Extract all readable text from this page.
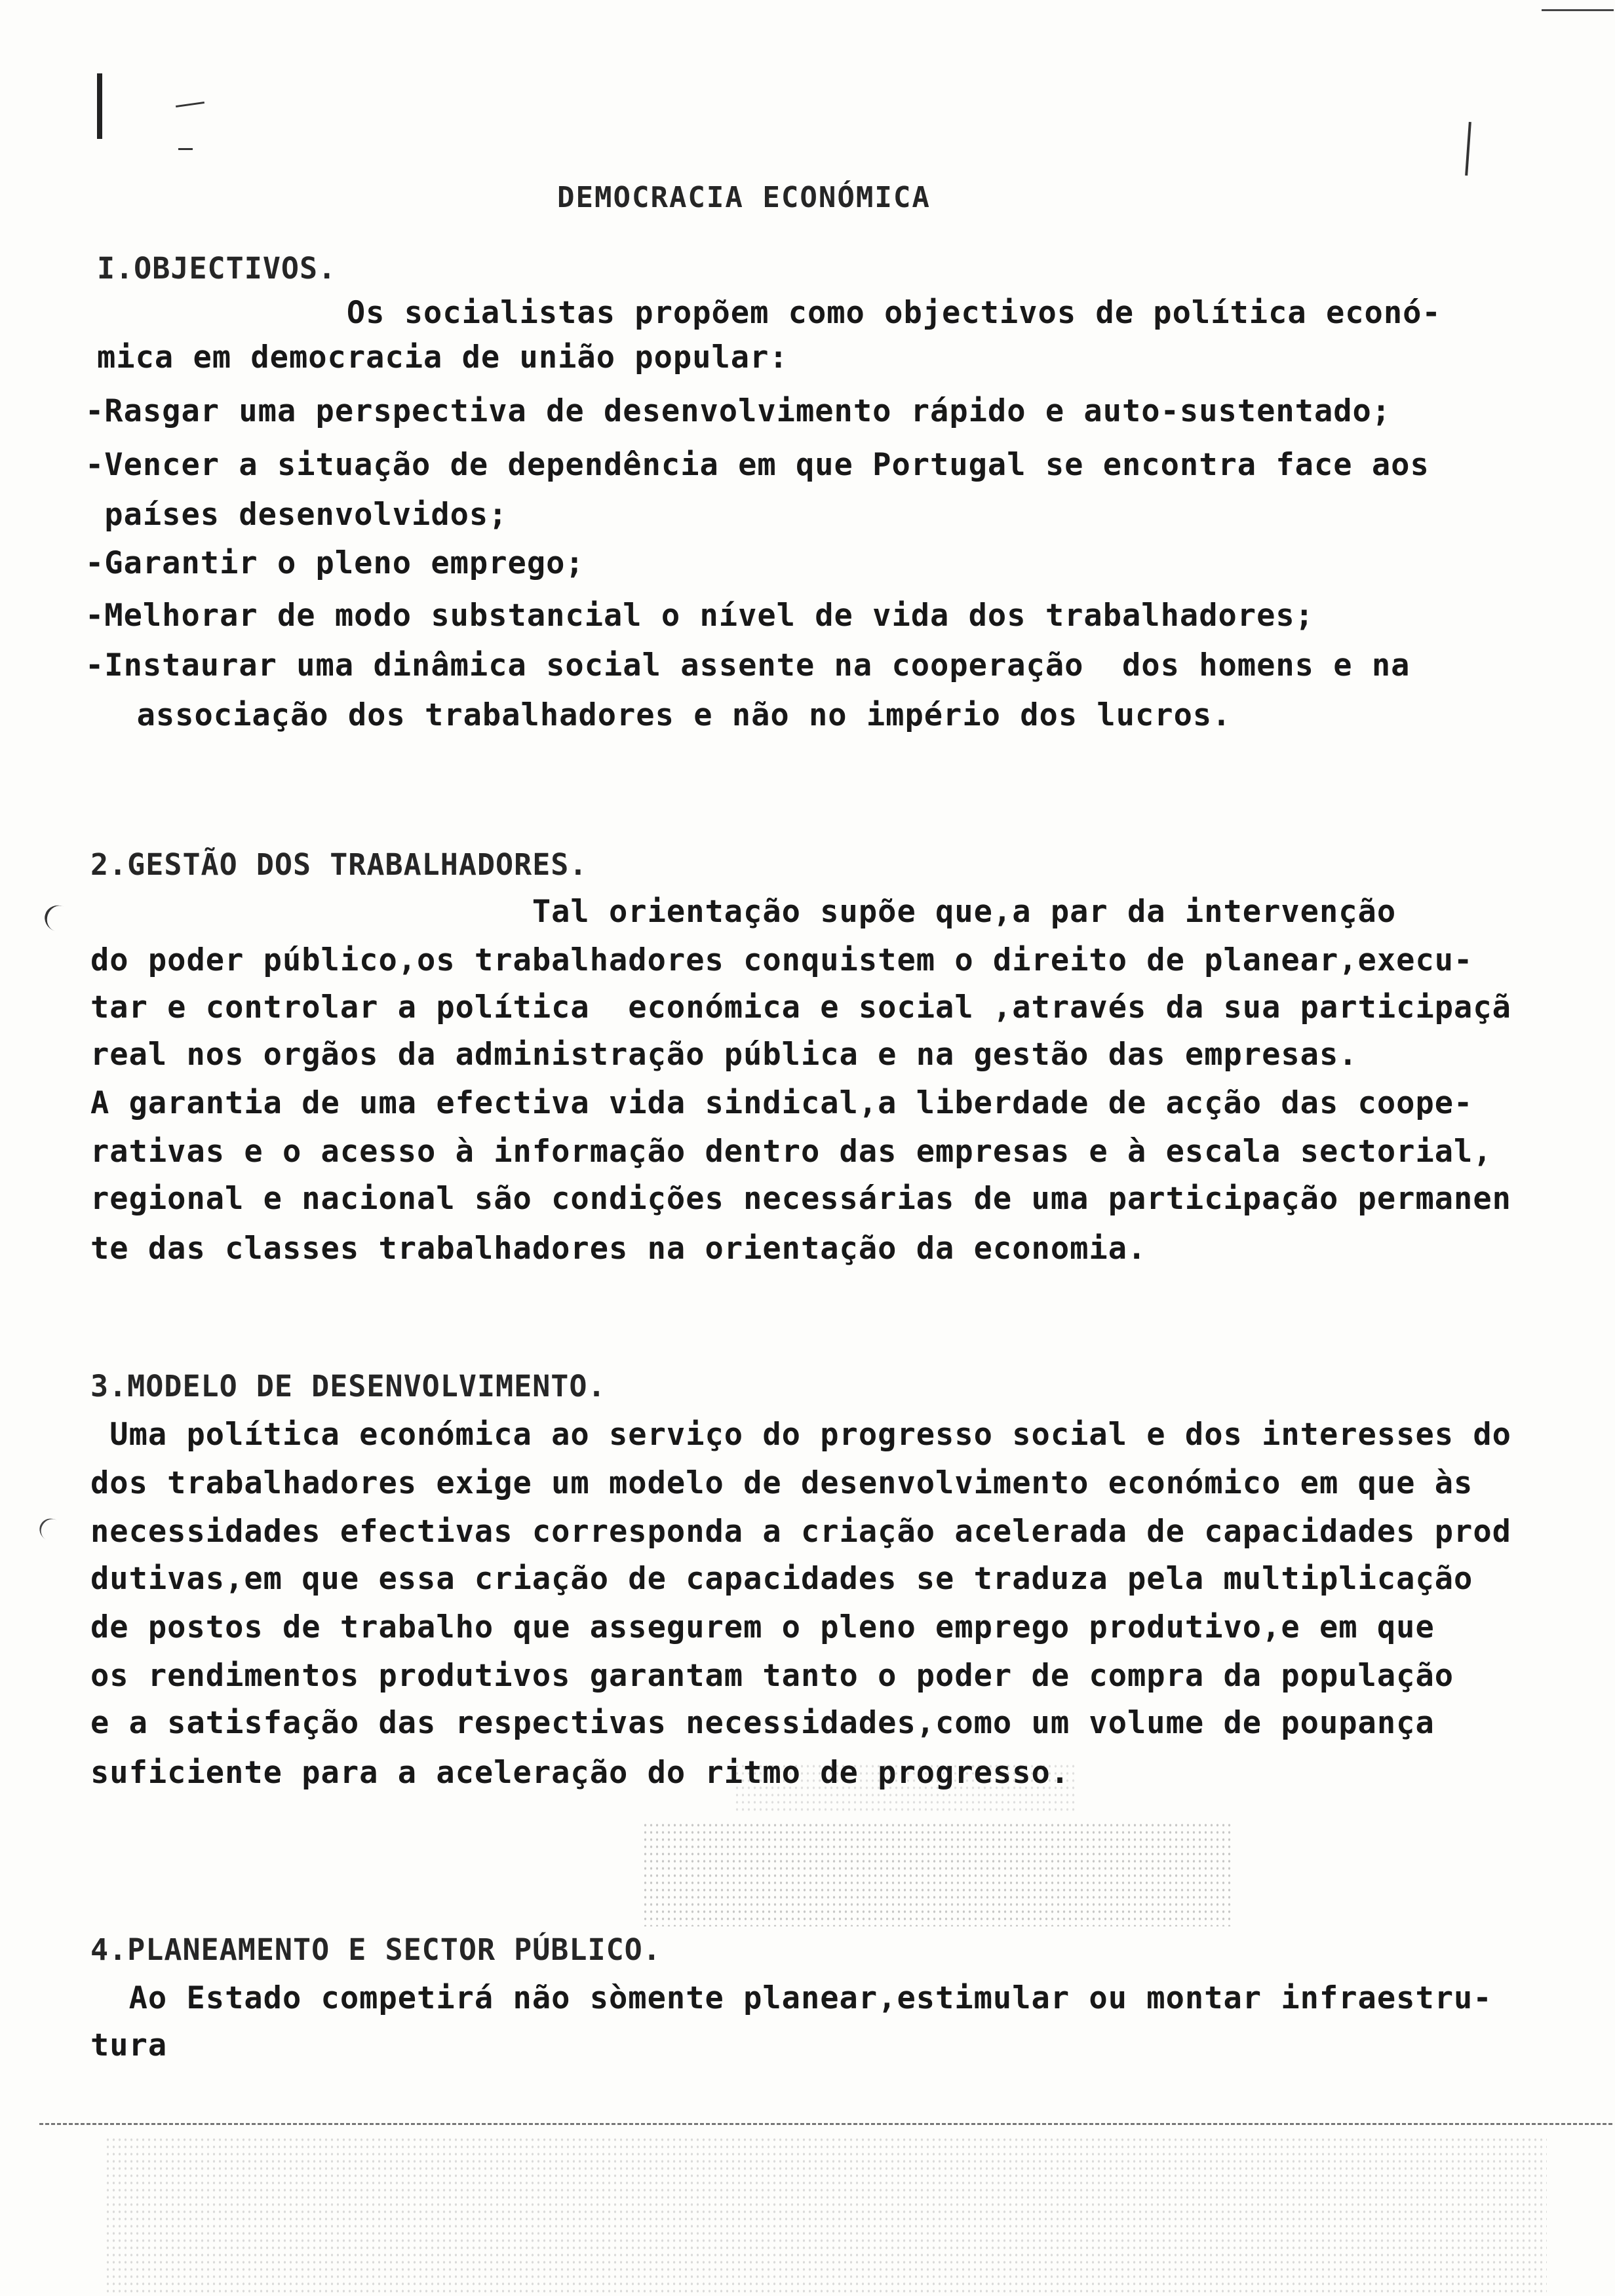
DEMOCRACIA ECONÓMICA
I.OBJECTIVOS.
Os socialistas propõem como objectivos de política econó-
mica em democracia de união popular:
-Rasgar uma perspectiva de desenvolvimento rápido e auto-sustentado;
-Vencer a situação de dependência em que Portugal se encontra face aos
países desenvolvidos;
-Garantir o pleno emprego;
-Melhorar de modo substancial o nível de vida dos trabalhadores;
-Instaurar uma dinâmica social assente na cooperação  dos homens e na
associação dos trabalhadores e não no império dos lucros.
2.GESTÃO DOS TRABALHADORES.
Tal orientação supõe que,a par da intervenção
do poder público,os trabalhadores conquistem o direito de planear,execu-
tar e controlar a política  económica e social ,através da sua participaçã
real nos orgãos da administração pública e na gestão das empresas.
A garantia de uma efectiva vida sindical,a liberdade de acção das coope-
rativas e o acesso à informação dentro das empresas e à escala sectorial,
regional e nacional são condições necessárias de uma participação permanen
te das classes trabalhadores na orientação da economia.
3.MODELO DE DESENVOLVIMENTO.
Uma política económica ao serviço do progresso social e dos interesses do
dos trabalhadores exige um modelo de desenvolvimento económico em que às
necessidades efectivas corresponda a criação acelerada de capacidades prod
dutivas,em que essa criação de capacidades se traduza pela multiplicação
de postos de trabalho que assegurem o pleno emprego produtivo,e em que
os rendimentos produtivos garantam tanto o poder de compra da população
e a satisfação das respectivas necessidades,como um volume de poupança
suficiente para a aceleração do ritmo de progresso.
4.PLANEAMENTO E SECTOR PÚBLICO.
Ao Estado competirá não sòmente planear,estimular ou montar infraestru-
tura
